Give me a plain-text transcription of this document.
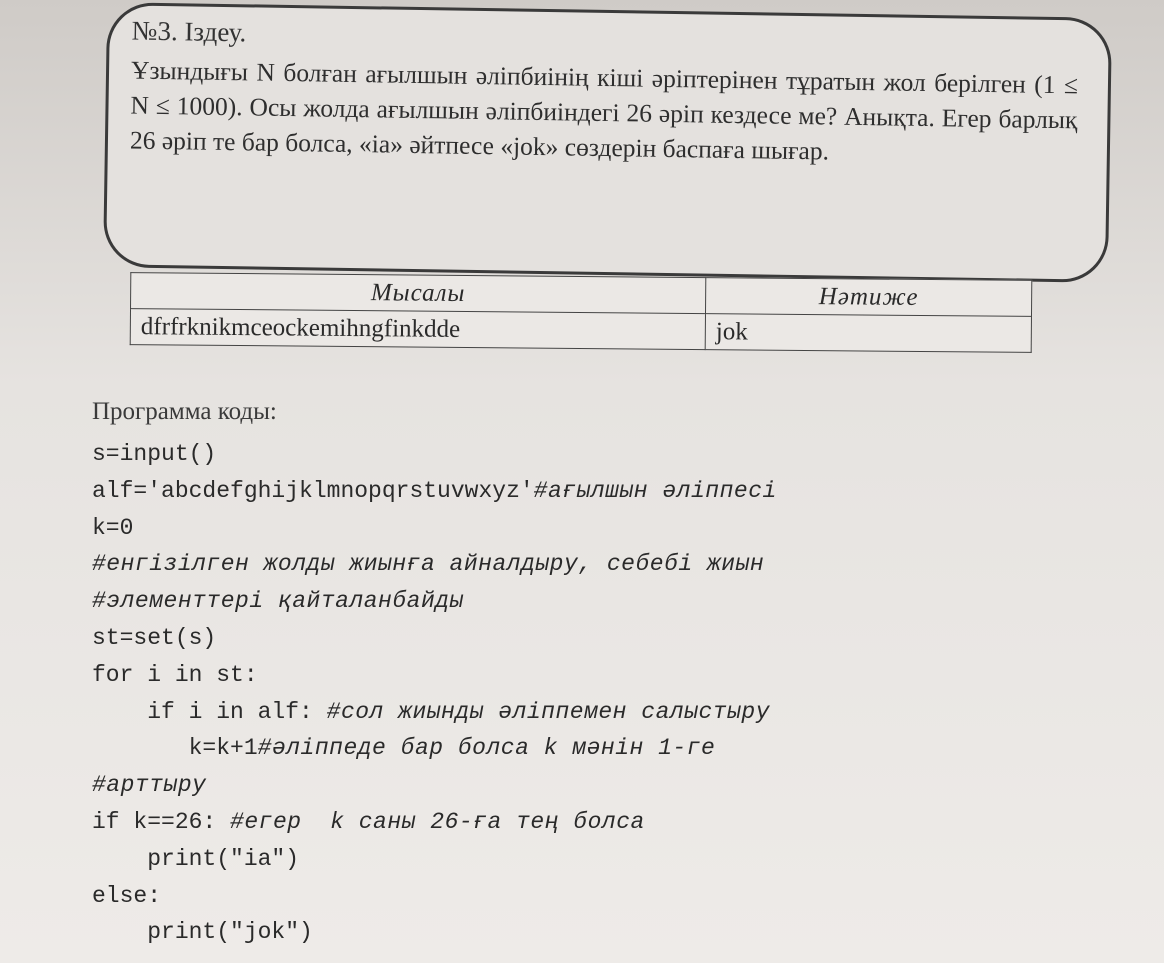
№3. Іздеу.

Ұзындығы N болған ағылшын әліпбиінің кіші әріптерінен тұратын жол берілген (1 ≤ N ≤ 1000). Осы жолда ағылшын әліпбиіндегі 26 әріп кездесе ме? Анықта. Егер барлық 26 әріп те бар болса, «ia» әйтпесе «jok» сөздерін баспаға шығар.

Мысалы	Нәтиже
dfrfrknikmceockemihngfinkdde	jok
Программа коды:
s=input()
alf='abcdefghijklmnopqrstuvwxyz'#ағылшын әліппесі
k=0
#енгізілген жолды жиынға айналдыру, себебі жиын
#элементтері қайталанбайды
st=set(s)
for i in st:
if i in alf: #сол жиынды әліппемен салыстыру
k=k+1#әліппеде бар болса k мәнін 1-ге
#арттыру
if k==26: #егер  k саны 26-ға тең болса
print("ia")
else:
print("jok")
